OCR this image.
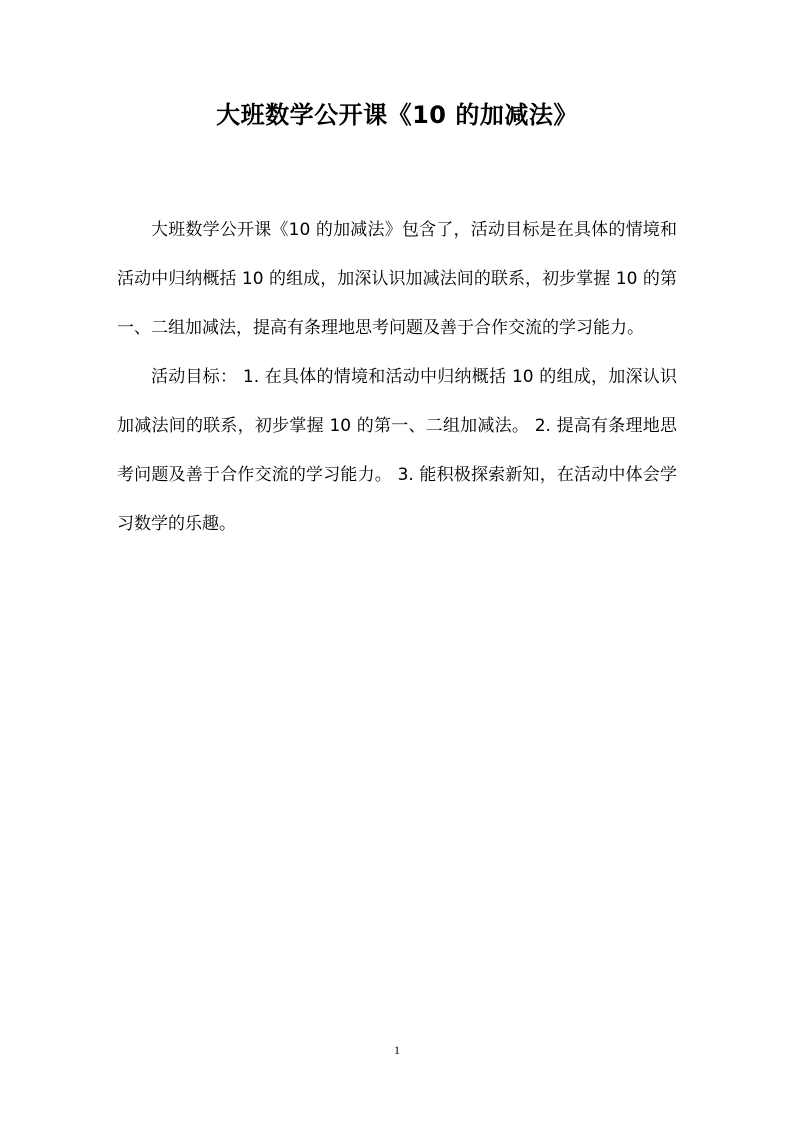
大班数学公开课《10 的加减法》

大班数学公开课《10 的加减法》包含了，活动目标是在具体的情境和活动中归纳概括 10 的组成，加深认识加减法间的联系，初步掌握 10 的第一、二组加减法，提高有条理地思考问题及善于合作交流的学习能力。

活动目标： 1. 在具体的情境和活动中归纳概括 10 的组成，加深认识加减法间的联系，初步掌握 10 的第一、二组加减法。 2. 提高有条理地思考问题及善于合作交流的学习能力。 3. 能积极探索新知，在活动中体会学习数学的乐趣。

1
